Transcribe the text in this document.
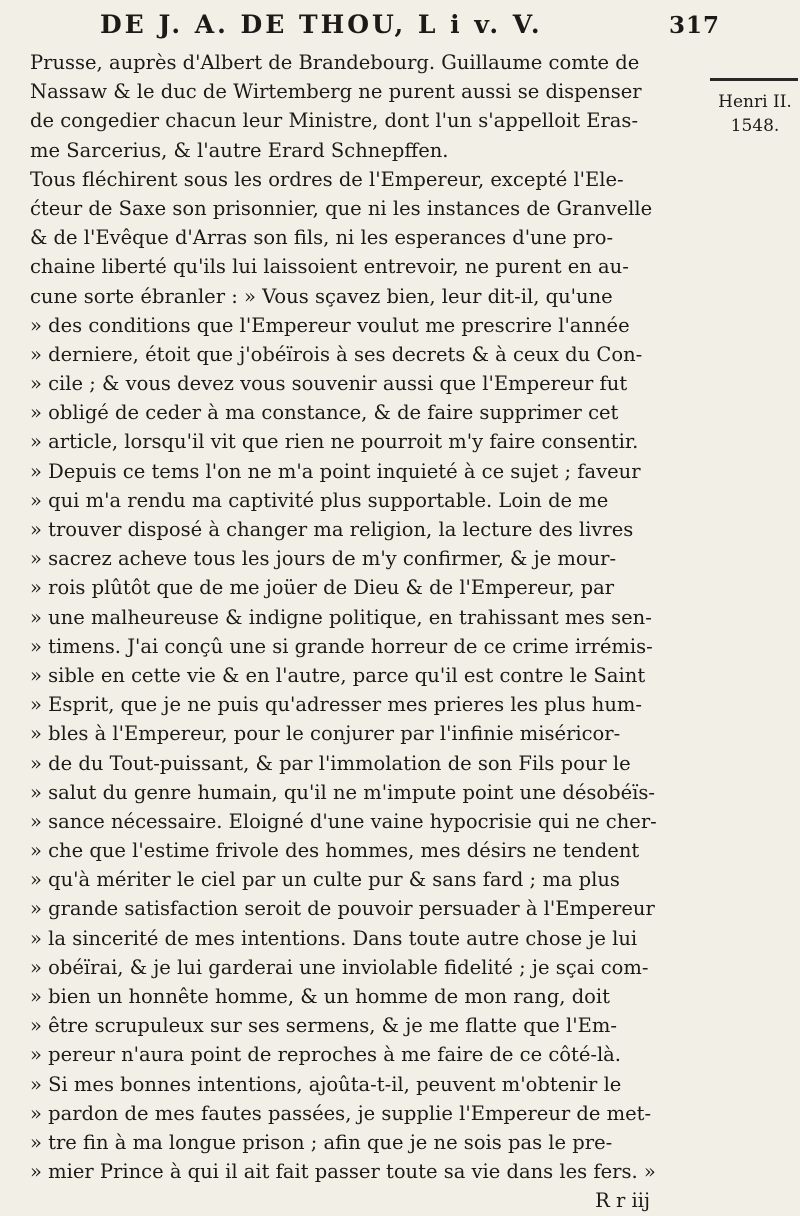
DE J. A. DE THOU, L i v. V.	317
Henri II.
1548.
Prusse, auprès d'Albert de Brandebourg. Guillaume comte de
Nassaw & le duc de Wirtemberg ne purent aussi se dispenser
de congedier chacun leur Ministre, dont l'un s'appelloit Eras-
me Sarcerius, & l'autre Erard Schnepffen.
Tous fléchirent sous les ordres de l'Empereur, excepté l'Ele-
ćteur de Saxe son prisonnier, que ni les instances de Granvelle
& de l'Evêque d'Arras son fils, ni les esperances d'une pro-
chaine liberté qu'ils lui laissoient entrevoir, ne purent en au-
cune sorte ébranler : » Vous sçavez bien, leur dit-il, qu'une
» des conditions que l'Empereur voulut me prescrire l'année
» derniere, étoit que j'obéïrois à ses decrets & à ceux du Con-
» cile ; & vous devez vous souvenir aussi que l'Empereur fut
» obligé de ceder à ma constance, & de faire supprimer cet
» article, lorsqu'il vit que rien ne pourroit m'y faire consentir.
» Depuis ce tems l'on ne m'a point inquieté à ce sujet ; faveur
» qui m'a rendu ma captivité plus supportable. Loin de me
» trouver disposé à changer ma religion, la lecture des livres
» sacrez acheve tous les jours de m'y confirmer, & je mour-
» rois plûtôt que de me joüer de Dieu & de l'Empereur, par
» une malheureuse & indigne politique, en trahissant mes sen-
» timens. J'ai conçû une si grande horreur de ce crime irrémis-
» sible en cette vie & en l'autre, parce qu'il est contre le Saint
» Esprit, que je ne puis qu'adresser mes prieres les plus hum-
» bles à l'Empereur, pour le conjurer par l'infinie miséricor-
» de du Tout-puissant, & par l'immolation de son Fils pour le
» salut du genre humain, qu'il ne m'impute point une désobéïs-
» sance nécessaire. Eloigné d'une vaine hypocrisie qui ne cher-
» che que l'estime frivole des hommes, mes désirs ne tendent
» qu'à mériter le ciel par un culte pur & sans fard ; ma plus
» grande satisfaction seroit de pouvoir persuader à l'Empereur
» la sincerité de mes intentions. Dans toute autre chose je lui
» obéïrai, & je lui garderai une inviolable fidelité ; je sçai com-
» bien un honnête homme, & un homme de mon rang, doit
» être scrupuleux sur ses sermens, & je me flatte que l'Em-
» pereur n'aura point de reproches à me faire de ce côté-là.
» Si mes bonnes intentions, ajoûta-t-il, peuvent m'obtenir le
» pardon de mes fautes passées, je supplie l'Empereur de met-
» tre fin à ma longue prison ; afin que je ne sois pas le pre-
» mier Prince à qui il ait fait passer toute sa vie dans les fers. »
R r iij
